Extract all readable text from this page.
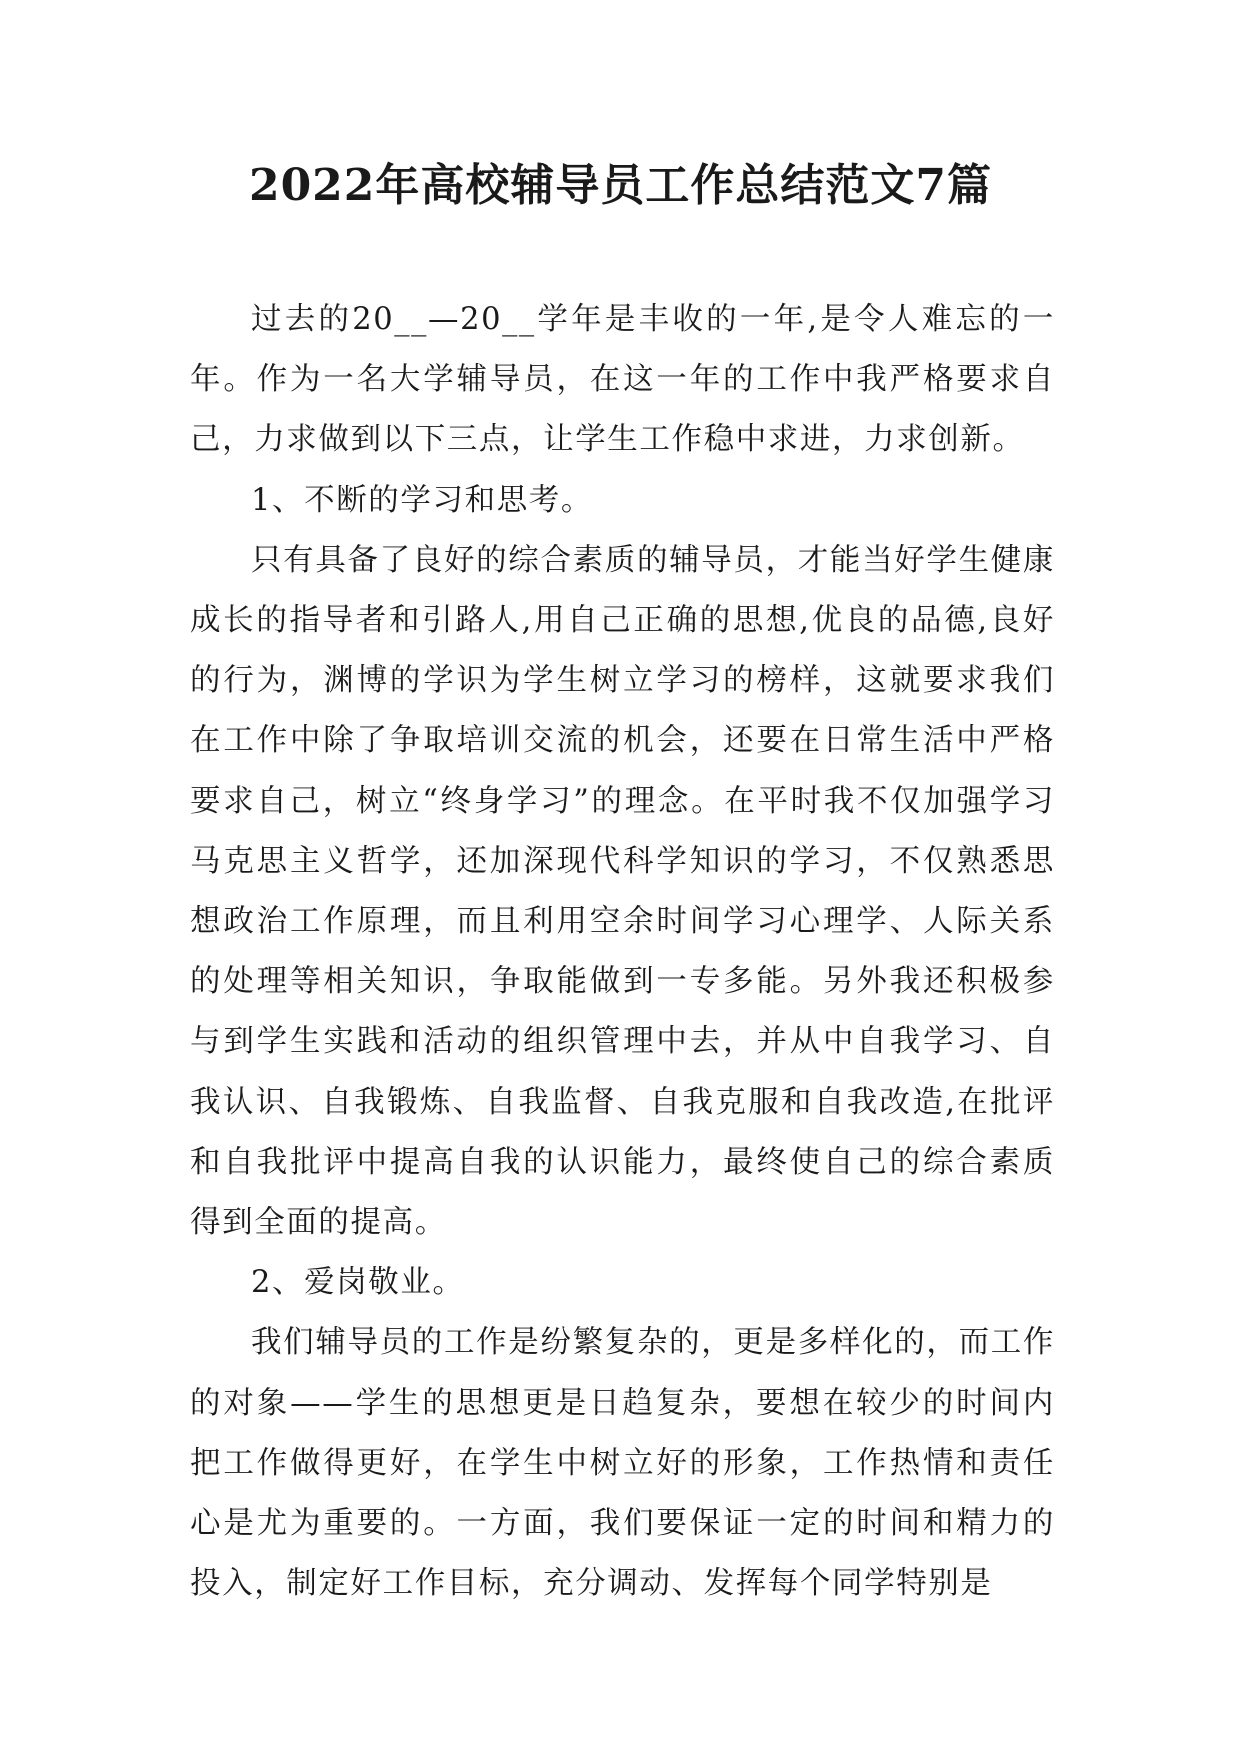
2022年高校辅导员工作总结范文7篇

过去的20__—20__学年是丰收的一年,是令人难忘的一年。作为一名大学辅导员，在这一年的工作中我严格要求自己，力求做到以下三点，让学生工作稳中求进，力求创新。

1、不断的学习和思考。

只有具备了良好的综合素质的辅导员，才能当好学生健康成长的指导者和引路人,用自己正确的思想,优良的品德,良好的行为，渊博的学识为学生树立学习的榜样，这就要求我们在工作中除了争取培训交流的机会，还要在日常生活中严格要求自己，树立“终身学习”的理念。在平时我不仅加强学习马克思主义哲学，还加深现代科学知识的学习，不仅熟悉思想政治工作原理，而且利用空余时间学习心理学、人际关系的处理等相关知识，争取能做到一专多能。另外我还积极参与到学生实践和活动的组织管理中去，并从中自我学习、自我认识、自我锻炼、自我监督、自我克服和自我改造,在批评和自我批评中提高自我的认识能力，最终使自己的综合素质得到全面的提高。

2、爱岗敬业。

我们辅导员的工作是纷繁复杂的，更是多样化的，而工作的对象——学生的思想更是日趋复杂，要想在较少的时间内把工作做得更好，在学生中树立好的形象，工作热情和责任心是尤为重要的。一方面，我们要保证一定的时间和精力的投入，制定好工作目标，充分调动、发挥每个同学特别是
